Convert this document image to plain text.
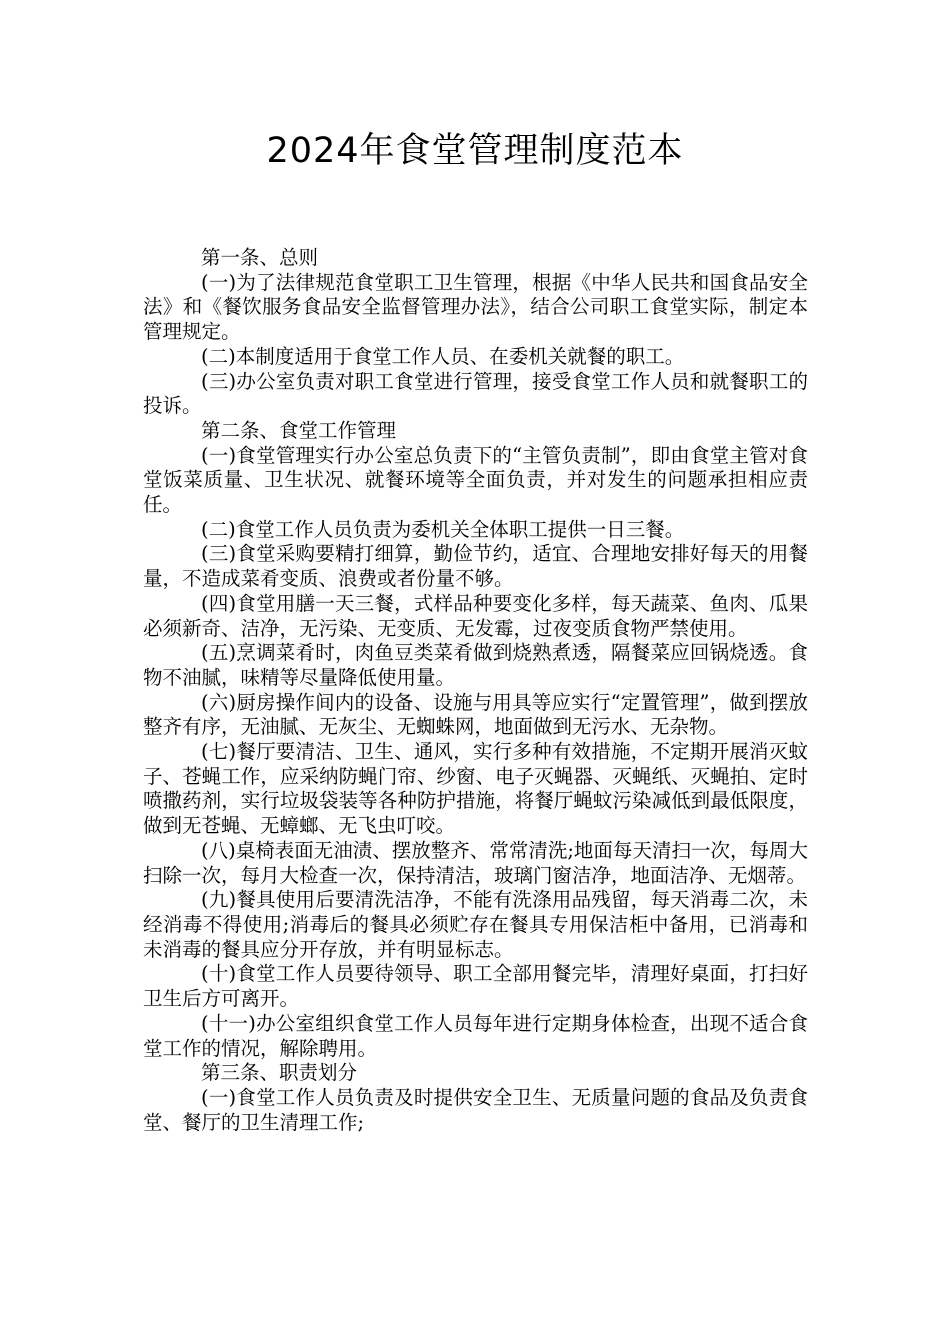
2024年食堂管理制度范本

第一条、总则

(一)为了法律规范食堂职工卫生管理，根据《中华人民共和国食品安全法》和《餐饮服务食品安全监督管理办法》，结合公司职工食堂实际，制定本管理规定。

(二)本制度适用于食堂工作人员、在委机关就餐的职工。

(三)办公室负责对职工食堂进行管理，接受食堂工作人员和就餐职工的投诉。

第二条、食堂工作管理

(一)食堂管理实行办公室总负责下的“主管负责制”，即由食堂主管对食堂饭菜质量、卫生状况、就餐环境等全面负责，并对发生的问题承担相应责任。

(二)食堂工作人员负责为委机关全体职工提供一日三餐。

(三)食堂采购要精打细算，勤俭节约，适宜、合理地安排好每天的用餐量，不造成菜肴变质、浪费或者份量不够。

(四)食堂用膳一天三餐，式样品种要变化多样，每天蔬菜、鱼肉、瓜果必须新奇、洁净，无污染、无变质、无发霉，过夜变质食物严禁使用。

(五)烹调菜肴时，肉鱼豆类菜肴做到烧熟煮透，隔餐菜应回锅烧透。食物不油腻，味精等尽量降低使用量。

(六)厨房操作间内的设备、设施与用具等应实行“定置管理”，做到摆放整齐有序，无油腻、无灰尘、无蜘蛛网，地面做到无污水、无杂物。

(七)餐厅要清洁、卫生、通风，实行多种有效措施，不定期开展消灭蚊子、苍蝇工作，应采纳防蝇门帘、纱窗、电子灭蝇器、灭蝇纸、灭蝇拍、定时喷撒药剂，实行垃圾袋装等各种防护措施，将餐厅蝇蚊污染减低到最低限度，做到无苍蝇、无蟑螂、无飞虫叮咬。

(八)桌椅表面无油渍、摆放整齐、常常清洗;地面每天清扫一次，每周大扫除一次，每月大检查一次，保持清洁，玻璃门窗洁净，地面洁净、无烟蒂。

(九)餐具使用后要清洗洁净，不能有洗涤用品残留，每天消毒二次，未经消毒不得使用;消毒后的餐具必须贮存在餐具专用保洁柜中备用，已消毒和未消毒的餐具应分开存放，并有明显标志。

(十)食堂工作人员要待领导、职工全部用餐完毕，清理好桌面，打扫好卫生后方可离开。

(十一)办公室组织食堂工作人员每年进行定期身体检查，出现不适合食堂工作的情况，解除聘用。

第三条、职责划分

(一)食堂工作人员负责及时提供安全卫生、无质量问题的食品及负责食堂、餐厅的卫生清理工作;
